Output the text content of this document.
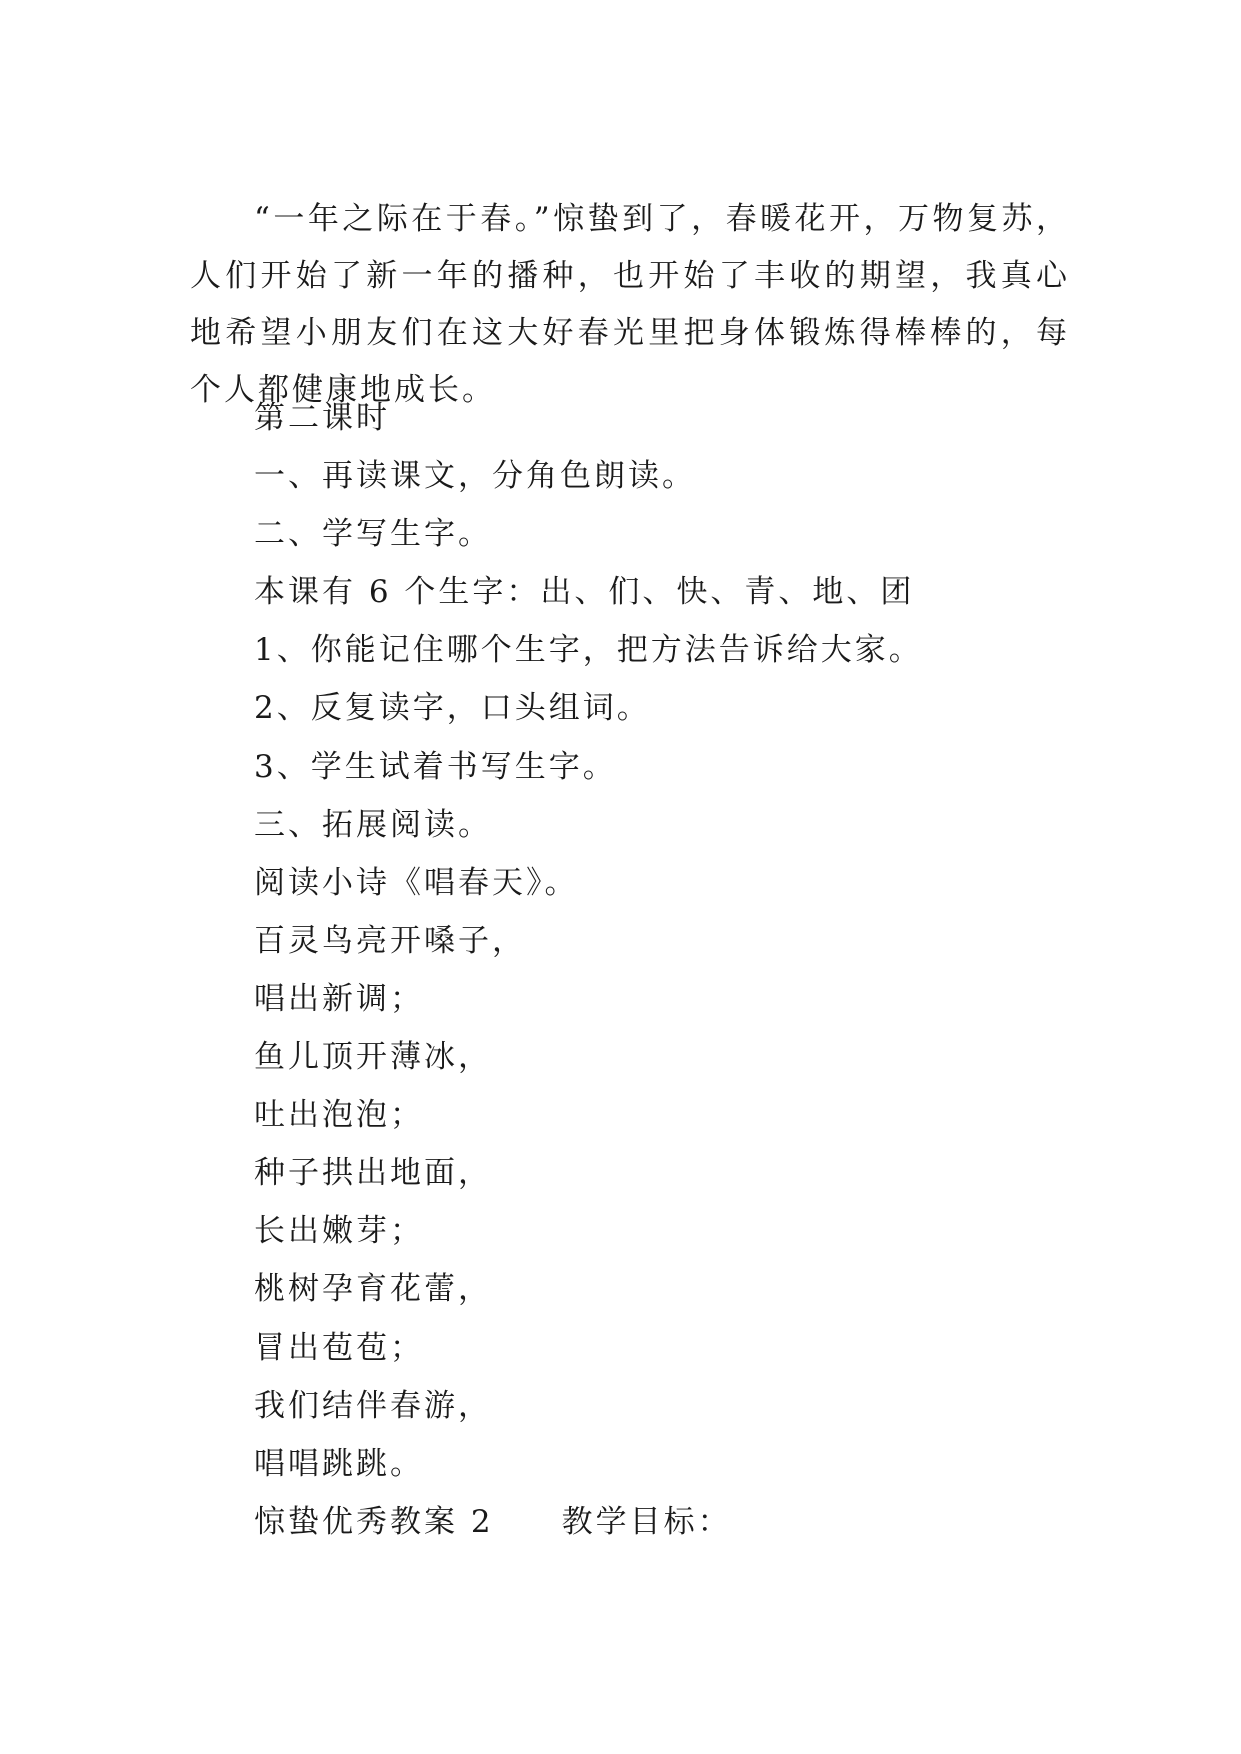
“一年之际在于春。”惊蛰到了，春暖花开，万物复苏，人们开始了新一年的播种，也开始了丰收的期望，我真心地希望小朋友们在这大好春光里把身体锻炼得棒棒的，每个人都健康地成长。

第二课时
一、再读课文，分角色朗读。
二、学写生字。
本课有 6 个生字：出、们、快、青、地、团
1、你能记住哪个生字，把方法告诉给大家。
2、反复读字，口头组词。
3、学生试着书写生字。
三、拓展阅读。
阅读小诗《唱春天》。
百灵鸟亮开嗓子，
唱出新调；
鱼儿顶开薄冰，
吐出泡泡；
种子拱出地面，
长出嫩芽；
桃树孕育花蕾，
冒出苞苞；
我们结伴春游，
唱唱跳跳。
惊蛰优秀教案 2　　教学目标：
